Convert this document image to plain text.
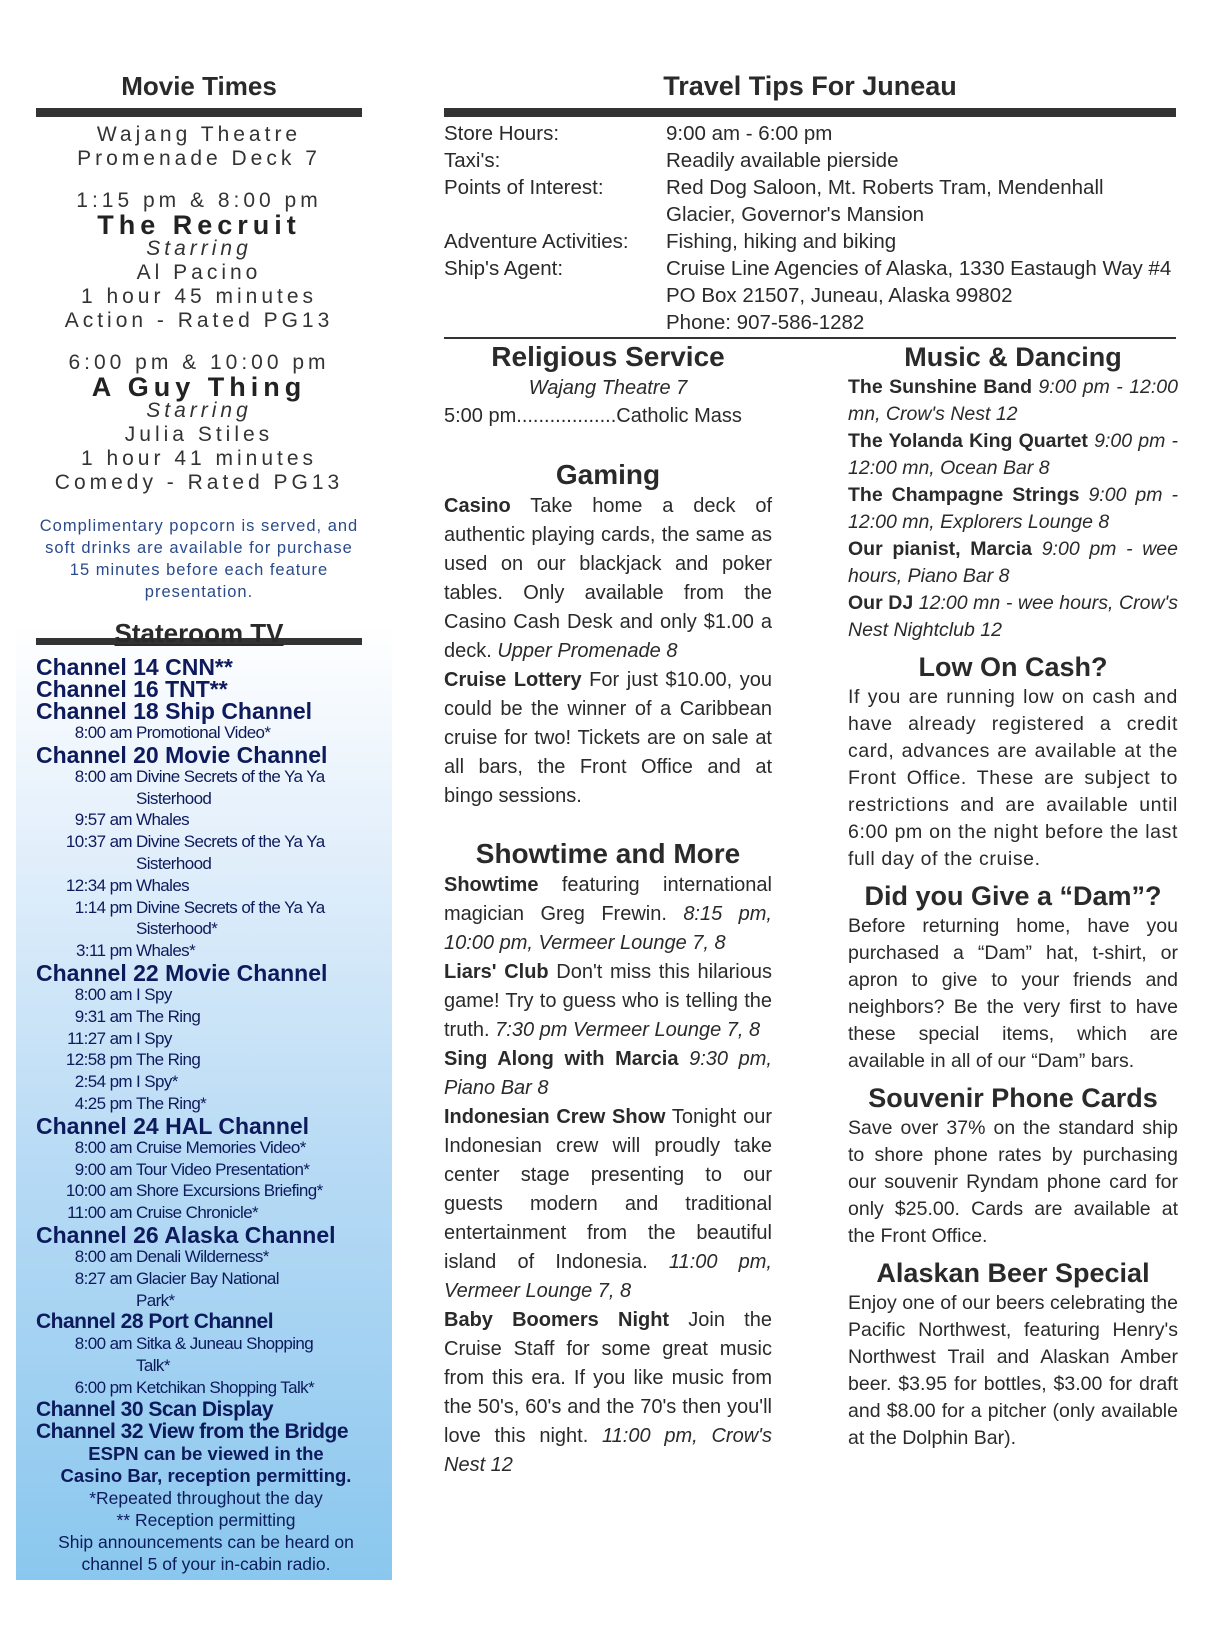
Movie Times
Wajang Theatre
Promenade Deck 7
1:15 pm & 8:00 pm
The Recruit
Starring
Al Pacino
1 hour 45 minutes
Action - Rated PG13
6:00 pm & 10:00 pm
A Guy Thing
Starring
Julia Stiles
1 hour 41 minutes
Comedy - Rated PG13
Complimentary popcorn is served, and soft drinks are available for purchase 15 minutes before each feature presentation.
Stateroom TV
Channel 14 CNN**
Channel 16 TNT**
Channel 18 Ship Channel
8:00 am Promotional Video*
Channel 20 Movie Channel
8:00 am Divine Secrets of the Ya Ya
Sisterhood
9:57 am Whales
10:37 am Divine Secrets of the Ya Ya
Sisterhood
12:34 pm Whales
1:14 pm Divine Secrets of the Ya Ya
Sisterhood*
3:11 pm Whales*
Channel 22 Movie Channel
8:00 am I Spy
9:31 am The Ring
11:27 am I Spy
12:58 pm The Ring
2:54 pm I Spy*
4:25 pm The Ring*
Channel 24 HAL Channel
8:00 am Cruise Memories Video*
9:00 am Tour Video Presentation*
10:00 am Shore Excursions Briefing*
11:00 am Cruise Chronicle*
Channel 26 Alaska Channel
8:00 am Denali Wilderness*
8:27 am Glacier Bay National
Park*
Channel 28 Port Channel
8:00 am Sitka & Juneau Shopping
Talk*
6:00 pm Ketchikan Shopping Talk*
Channel 30 Scan Display
Channel 32 View from the Bridge
ESPN can be viewed in the
Casino Bar, reception permitting.
*Repeated throughout the day
** Reception permitting
Ship announcements can be heard on
channel 5 of your in-cabin radio.
Travel Tips For Juneau
Store Hours:	9:00 am - 6:00 pm
Taxi's:	Readily available pierside
Points of Interest:	Red Dog Saloon, Mt. Roberts Tram, Mendenhall
Glacier, Governor's Mansion
Adventure Activities:	Fishing, hiking and biking
Ship's Agent:	Cruise Line Agencies of Alaska, 1330 Eastaugh Way #4
PO Box 21507, Juneau, Alaska 99802
Phone: 907-586-1282
Religious Service
Wajang Theatre 7
5:00 pm..................Catholic Mass
Gaming
Casino Take home a deck of authentic playing cards, the same as used on our blackjack and poker tables. Only available from the Casino Cash Desk and only $1.00 a deck. Upper Promenade 8
Cruise Lottery For just $10.00, you could be the winner of a Caribbean cruise for two! Tickets are on sale at all bars, the Front Office and at bingo sessions.
Showtime and More
Showtime featuring international magician Greg Frewin. 8:15 pm, 10:00 pm, Vermeer Lounge 7, 8
Liars' Club Don't miss this hilarious game! Try to guess who is telling the truth. 7:30 pm Vermeer Lounge 7, 8
Sing Along with Marcia 9:30 pm, Piano Bar 8
Indonesian Crew Show Tonight our Indonesian crew will proudly take center stage presenting to our guests modern and traditional entertainment from the beautiful island of Indonesia. 11:00 pm, Vermeer Lounge 7, 8
Baby Boomers Night Join the Cruise Staff for some great music from this era. If you like music from the 50's, 60's and the 70's then you'll love this night. 11:00 pm, Crow's Nest 12
Music & Dancing
The Sunshine Band 9:00 pm - 12:00 mn, Crow's Nest 12
The Yolanda King Quartet 9:00 pm - 12:00 mn, Ocean Bar 8
The Champagne Strings 9:00 pm - 12:00 mn, Explorers Lounge 8
Our pianist, Marcia 9:00 pm - wee hours, Piano Bar 8
Our DJ 12:00 mn - wee hours, Crow's Nest Nightclub 12
Low On Cash?
If you are running low on cash and have already registered a credit card, advances are available at the Front Office. These are subject to restrictions and are available until 6:00 pm on the night before the last full day of the cruise.
Did you Give a “Dam”?
Before returning home, have you purchased a “Dam” hat, t-shirt, or apron to give to your friends and neighbors? Be the very first to have these special items, which are available in all of our “Dam” bars.
Souvenir Phone Cards
Save over 37% on the standard ship to shore phone rates by purchasing our souvenir Ryndam phone card for only $25.00. Cards are available at the Front Office.
Alaskan Beer Special
Enjoy one of our beers celebrating the Pacific Northwest, featuring Henry's Northwest Trail and Alaskan Amber beer. $3.95 for bottles, $3.00 for draft and $8.00 for a pitcher (only available at the Dolphin Bar).
